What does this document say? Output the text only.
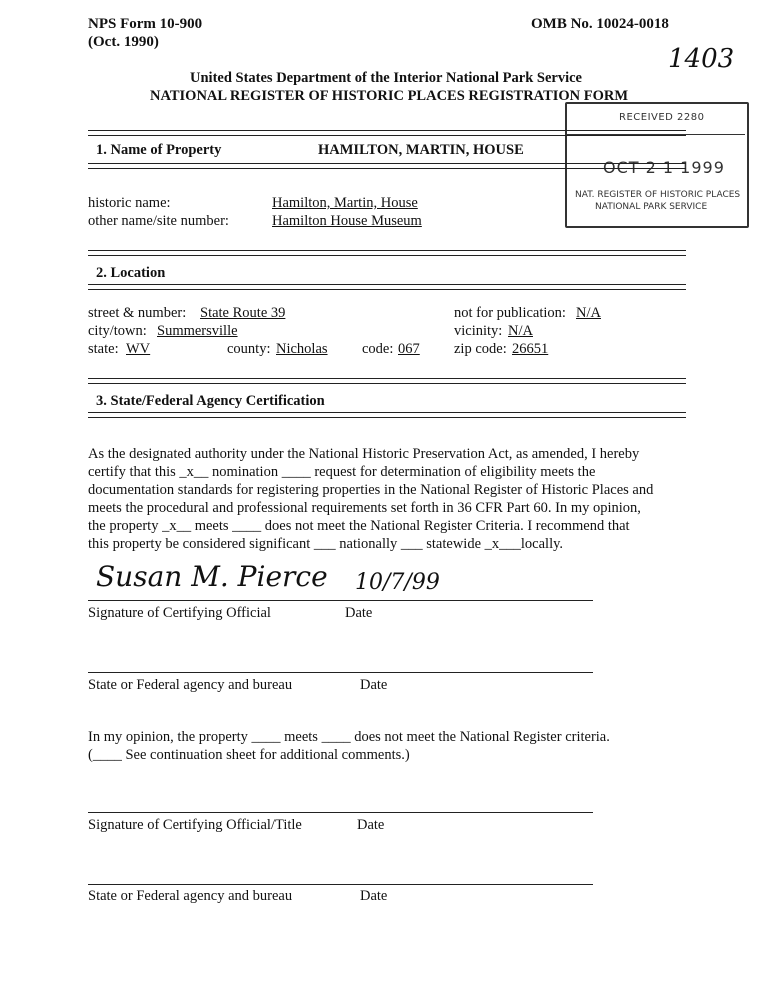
NPS Form 10-900
(Oct. 1990)
OMB No. 10024-0018
1403
United States Department of the Interior National Park Service
NATIONAL REGISTER OF HISTORIC PLACES REGISTRATION FORM
RECEIVED 2280
OCT 2 1 1999
NAT. REGISTER OF HISTORIC PLACES
NATIONAL PARK SERVICE
1. Name of Property	HAMILTON, MARTIN, HOUSE
historic name:	Hamilton, Martin, House
other name/site number:	Hamilton House Museum
2. Location
street & number: State Route 39	not for publication: N/A
city/town: Summersville	vicinity: N/A
state: WV	county: Nicholas code: 067 zip code: 26651
3. State/Federal Agency Certification
As the designated authority under the National Historic Preservation Act, as amended, I hereby
certify that this _x__ nomination ____ request for determination of eligibility meets the
documentation standards for registering properties in the National Register of Historic Places and
meets the procedural and professional requirements set forth in 36 CFR Part 60. In my opinion,
the property _x__ meets ____ does not meet the National Register Criteria. I recommend that
this property be considered significant ___ nationally ___ statewide _x___locally.
Susan M. Pierce 10/7/99
Signature of Certifying Official	Date
State or Federal agency and bureau	Date
In my opinion, the property ____ meets ____ does not meet the National Register criteria.
(____ See continuation sheet for additional comments.)
Signature of Certifying Official/Title	Date
State or Federal agency and bureau	Date
